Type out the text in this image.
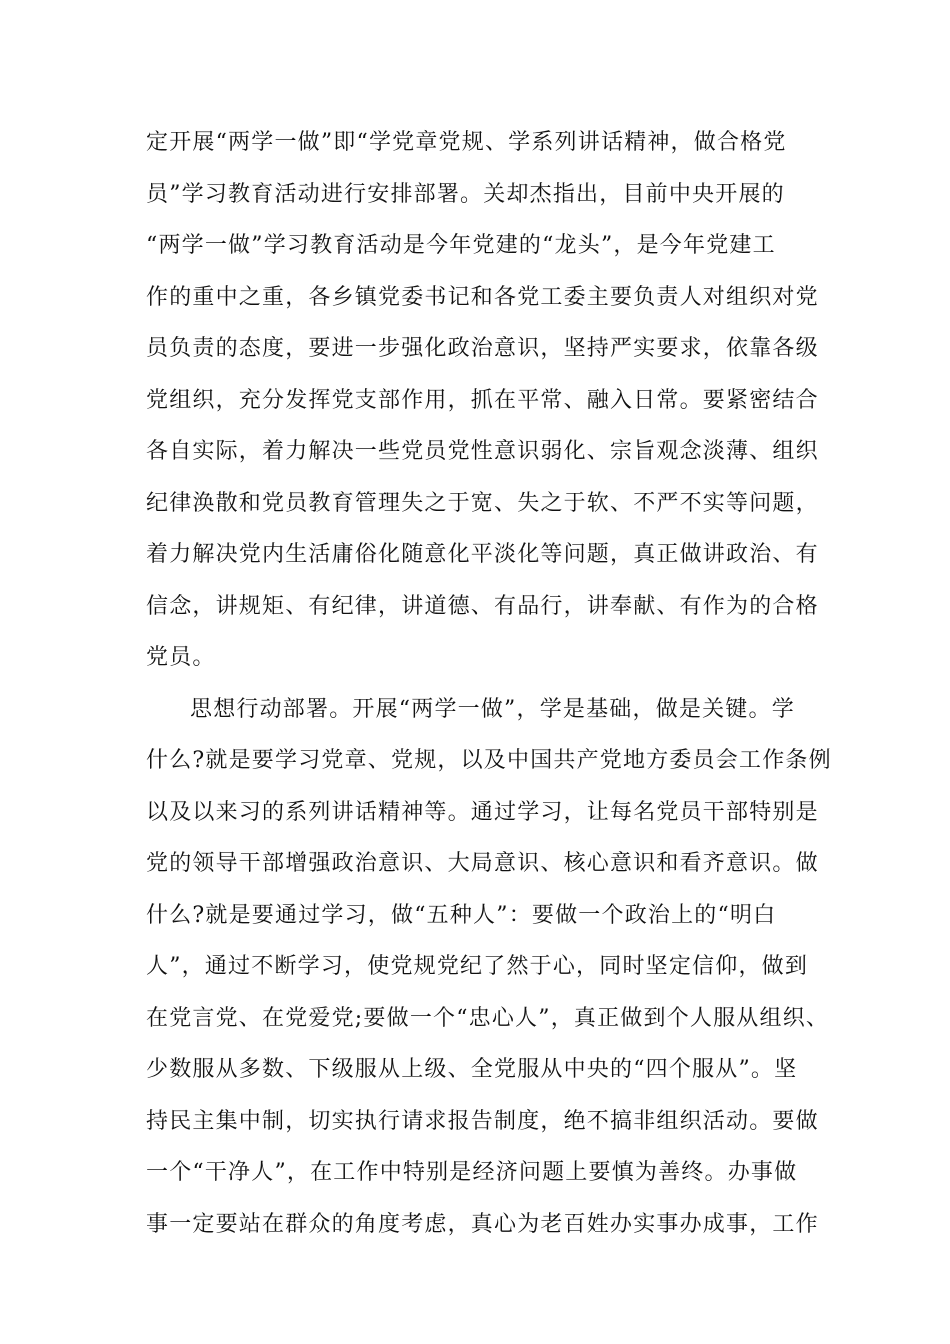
定开展“两学一做”即“学党章党规、学系列讲话精神，做合格党
员”学习教育活动进行安排部署。关却杰指出，目前中央开展的
“两学一做”学习教育活动是今年党建的“龙头”，是今年党建工
作的重中之重，各乡镇党委书记和各党工委主要负责人对组织对党
员负责的态度，要进一步强化政治意识，坚持严实要求，依靠各级
党组织，充分发挥党支部作用，抓在平常、融入日常。要紧密结合
各自实际，着力解决一些党员党性意识弱化、宗旨观念淡薄、组织
纪律涣散和党员教育管理失之于宽、失之于软、不严不实等问题，
着力解决党内生活庸俗化随意化平淡化等问题，真正做讲政治、有
信念，讲规矩、有纪律，讲道德、有品行，讲奉献、有作为的合格
党员。
思想行动部署。开展“两学一做”，学是基础，做是关键。学
什么?就是要学习党章、党规，以及中国共产党地方委员会工作条例
以及以来习的系列讲话精神等。通过学习，让每名党员干部特别是
党的领导干部增强政治意识、大局意识、核心意识和看齐意识。做
什么?就是要通过学习，做“五种人”：要做一个政治上的“明白
人”，通过不断学习，使党规党纪了然于心，同时坚定信仰，做到
在党言党、在党爱党;要做一个“忠心人”，真正做到个人服从组织、
少数服从多数、下级服从上级、全党服从中央的“四个服从”。坚
持民主集中制，切实执行请求报告制度，绝不搞非组织活动。要做
一个“干净人”，在工作中特别是经济问题上要慎为善终。办事做
事一定要站在群众的角度考虑，真心为老百姓办实事办成事，工作
